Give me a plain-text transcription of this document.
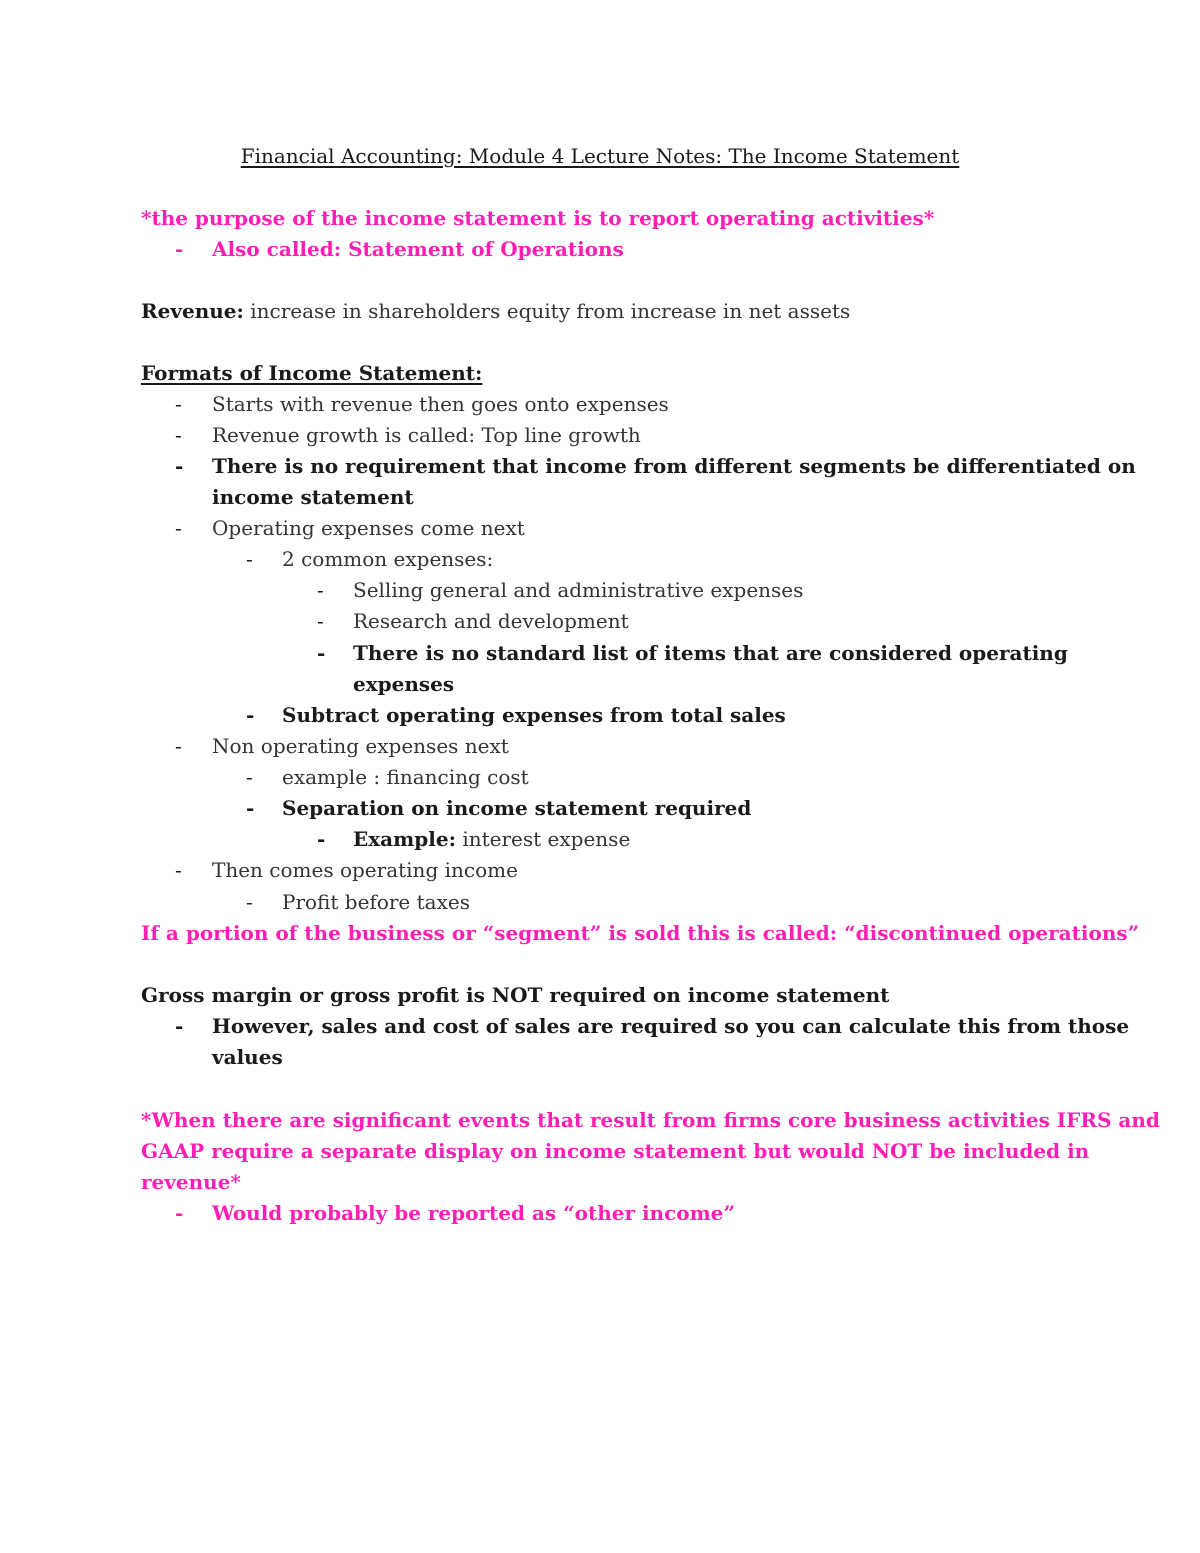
Financial Accounting: Module 4 Lecture Notes: The Income Statement
*the purpose of the income statement is to report operating activities*
- Also called: Statement of Operations
Revenue: increase in shareholders equity from increase in net assets
Formats of Income Statement:
- Starts with revenue then goes onto expenses
- Revenue growth is called: Top line growth
- There is no requirement that income from different segments be differentiated on
income statement
- Operating expenses come next
- 2 common expenses:
- Selling general and administrative expenses
- Research and development
- There is no standard list of items that are considered operating
expenses
- Subtract operating expenses from total sales
- Non operating expenses next
- example : financing cost
- Separation on income statement required
- Example: interest expense
- Then comes operating income
- Profit before taxes
If a portion of the business or “segment” is sold this is called: “discontinued operations”
Gross margin or gross profit is NOT required on income statement
- However, sales and cost of sales are required so you can calculate this from those
values
*When there are significant events that result from firms core business activities IFRS and
GAAP require a separate display on income statement but would NOT be included in
revenue*
- Would probably be reported as “other income”
